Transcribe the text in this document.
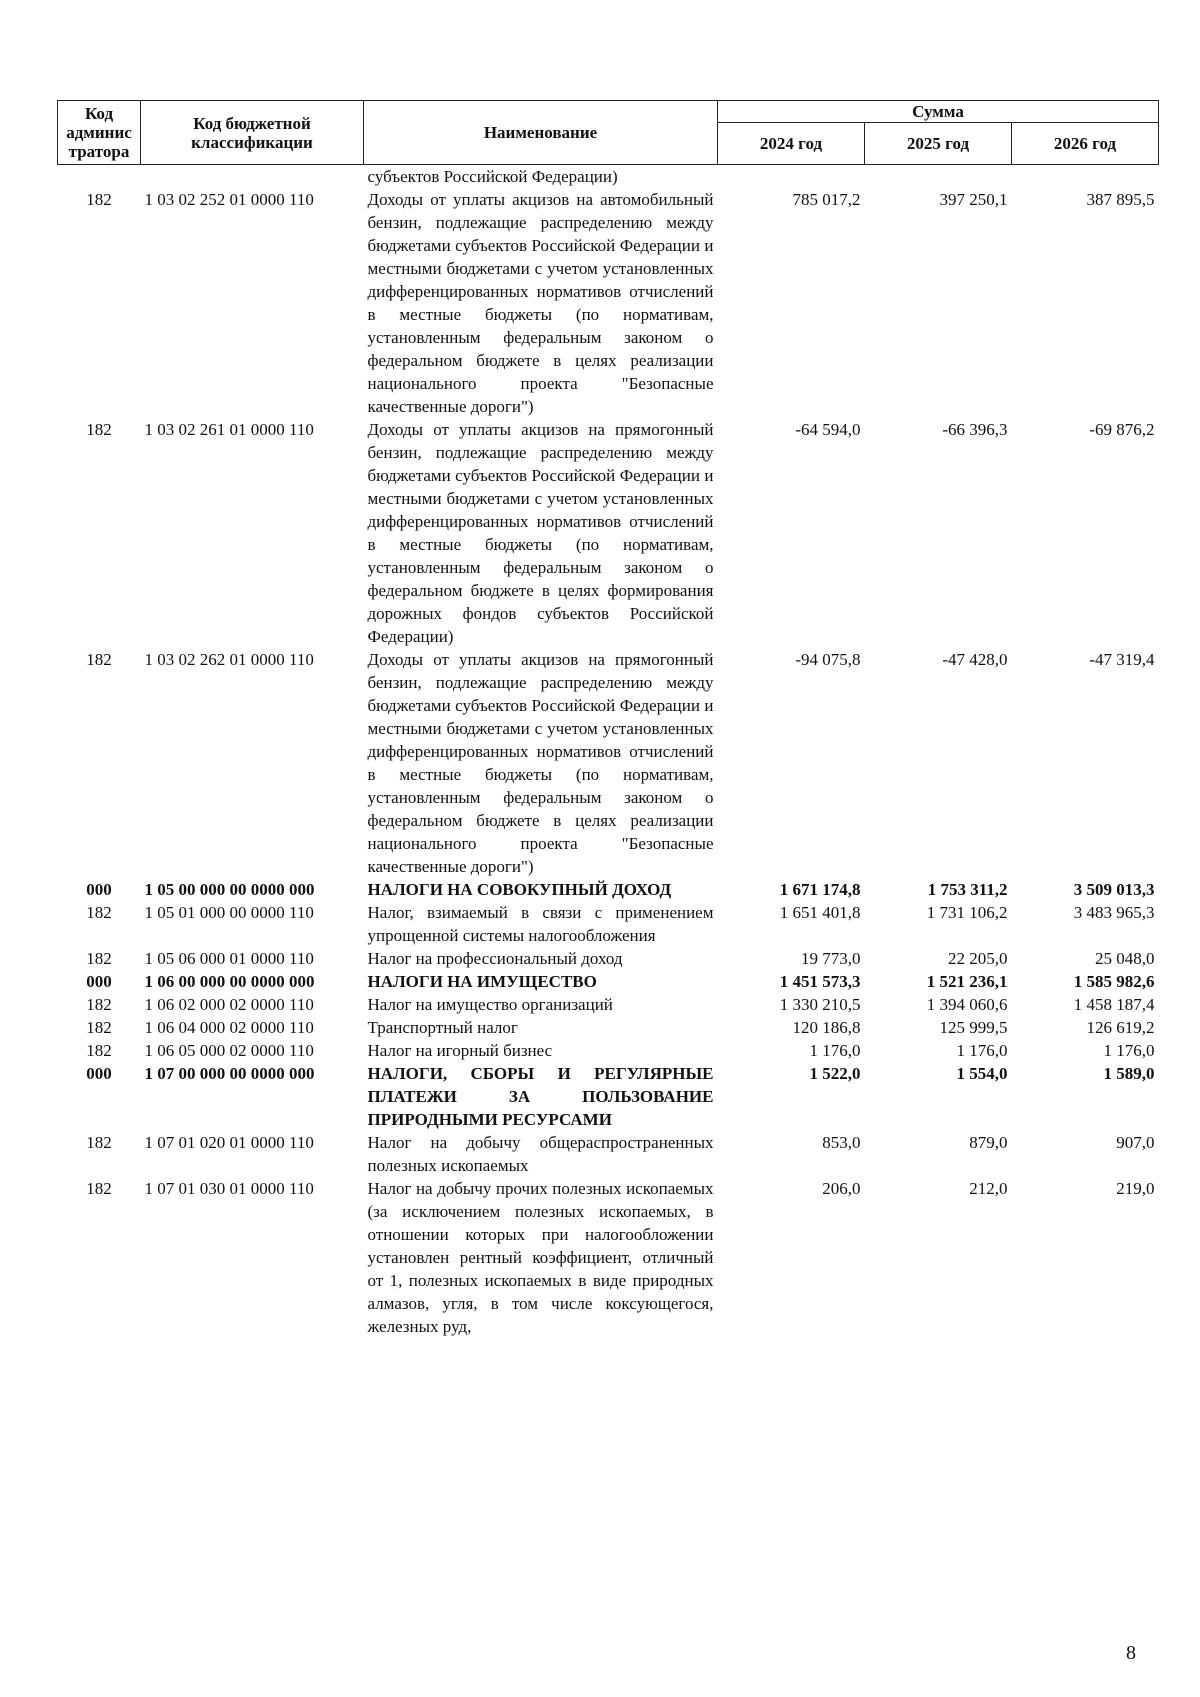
Код админис тратора	Код бюджетной классификации	Наименование	Сумма		
			2024 год	2025 год	2026 год
		субъектов Российской Федерации)			
182	1 03 02 252 01 0000 110	Доходы от уплаты акцизов на автомобильный бензин, подлежащие распределению между бюджетами субъектов Российской Федерации и местными бюджетами с учетом установленных дифференцированных нормативов отчислений в местные бюджеты (по нормативам, установленным федеральным законом о федеральном бюджете в целях реализации национального проекта "Безопасные качественные дороги")	785 017,2	397 250,1	387 895,5
182	1 03 02 261 01 0000 110	Доходы от уплаты акцизов на прямогонный бензин, подлежащие распределению между бюджетами субъектов Российской Федерации и местными бюджетами с учетом установленных дифференцированных нормативов отчислений в местные бюджеты (по нормативам, установленным федеральным законом о федеральном бюджете в целях формирования дорожных фондов субъектов Российской Федерации)	-64 594,0	-66 396,3	-69 876,2
182	1 03 02 262 01 0000 110	Доходы от уплаты акцизов на прямогонный бензин, подлежащие распределению между бюджетами субъектов Российской Федерации и местными бюджетами с учетом установленных дифференцированных нормативов отчислений в местные бюджеты (по нормативам, установленным федеральным законом о федеральном бюджете в целях реализации национального проекта "Безопасные качественные дороги")	-94 075,8	-47 428,0	-47 319,4
000	1 05 00 000 00 0000 000	НАЛОГИ НА СОВОКУПНЫЙ ДОХОД	1 671 174,8	1 753 311,2	3 509 013,3
182	1 05 01 000 00 0000 110	Налог, взимаемый в связи с применением упрощенной системы налогообложения	1 651 401,8	1 731 106,2	3 483 965,3
182	1 05 06 000 01 0000 110	Налог на профессиональный доход	19 773,0	22 205,0	25 048,0
000	1 06 00 000 00 0000 000	НАЛОГИ НА ИМУЩЕСТВО	1 451 573,3	1 521 236,1	1 585 982,6
182	1 06 02 000 02 0000 110	Налог на имущество организаций	1 330 210,5	1 394 060,6	1 458 187,4
182	1 06 04 000 02 0000 110	Транспортный налог	120 186,8	125 999,5	126 619,2
182	1 06 05 000 02 0000 110	Налог на игорный бизнес	1 176,0	1 176,0	1 176,0
000	1 07 00 000 00 0000 000	НАЛОГИ, СБОРЫ И РЕГУЛЯРНЫЕ ПЛАТЕЖИ ЗА ПОЛЬЗОВАНИЕ ПРИРОДНЫМИ РЕСУРСАМИ	1 522,0	1 554,0	1 589,0
182	1 07 01 020 01 0000 110	Налог на добычу общераспространенных полезных ископаемых	853,0	879,0	907,0
182	1 07 01 030 01 0000 110	Налог на добычу прочих полезных ископаемых (за исключением полезных ископаемых, в отношении которых при налогообложении установлен рентный коэффициент, отличный от 1, полезных ископаемых в виде природных алмазов, угля, в том числе коксующегося, железных руд,	206,0	212,0	219,0
8
